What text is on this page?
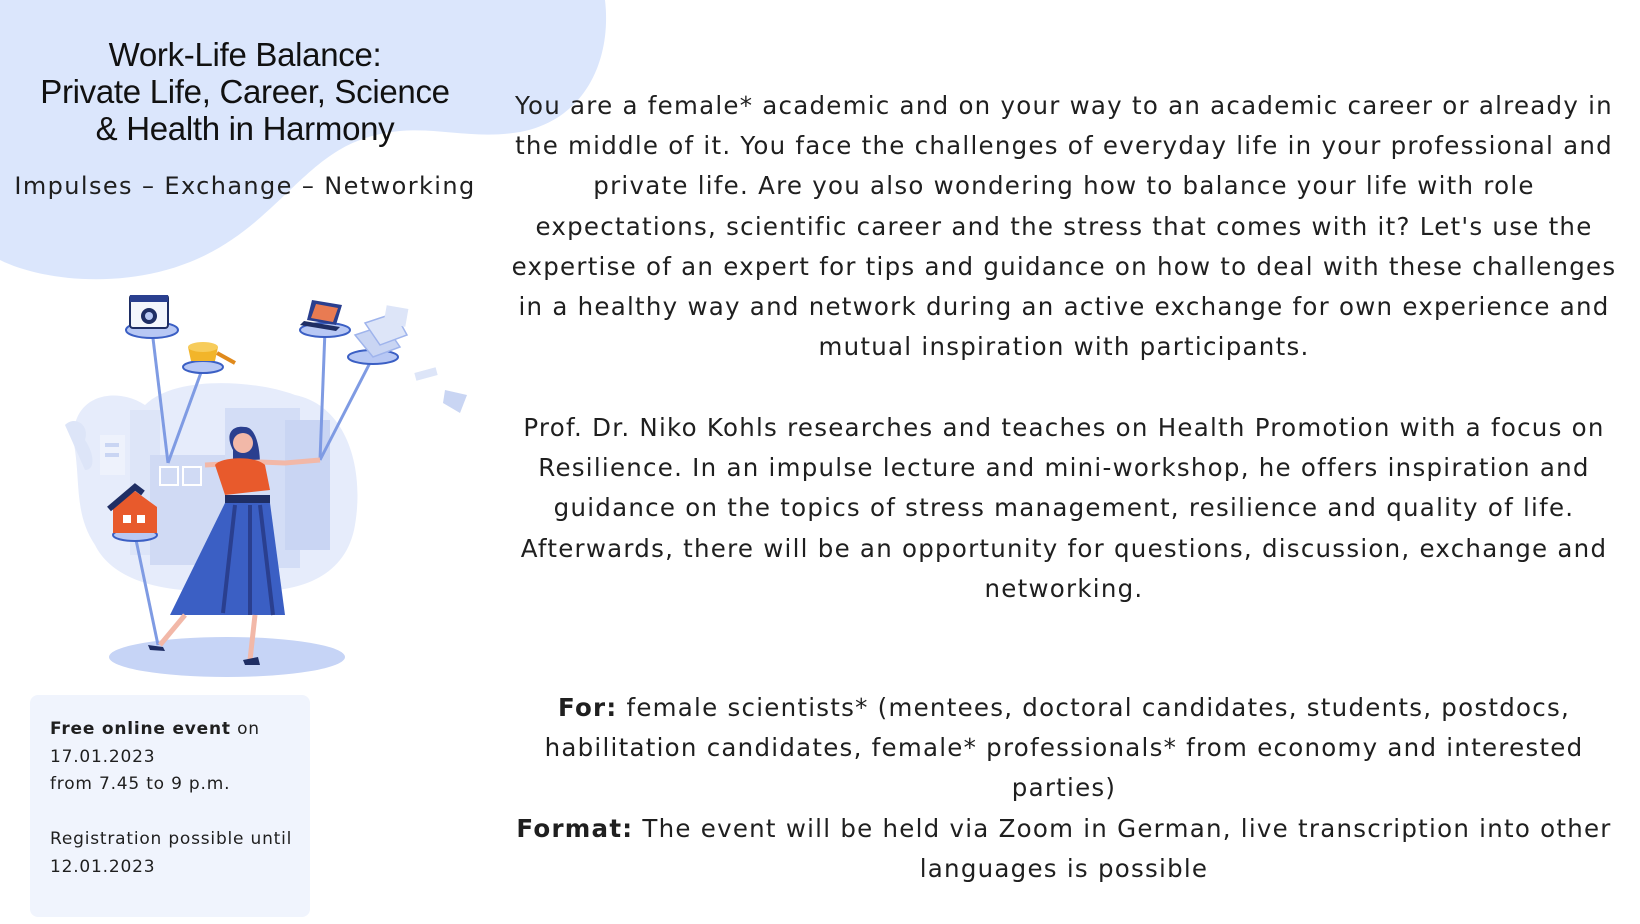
Work-Life Balance:
Private Life, Career, Science
& Health in Harmony
Impulses – Exchange – Networking
Free online event on
17.01.2023
from 7.45 to 9 p.m.
Registration possible until
12.01.2023

You are a female* academic and on your way to an academic career or already in the middle of it. You face the challenges of everyday life in your professional and private life. Are you also wondering how to balance your life with role expectations, scientific career and the stress that comes with it? Let's use the expertise of an expert for tips and guidance on how to deal with these challenges in a healthy way and network during an active exchange for own experience and mutual inspiration with participants.

Prof. Dr. Niko Kohls researches and teaches on Health Promotion with a focus on Resilience. In an impulse lecture and mini-workshop, he offers inspiration and guidance on the topics of stress management, resilience and quality of life. Afterwards, there will be an opportunity for questions, discussion, exchange and networking.

For: female scientists* (mentees, doctoral candidates, students, postdocs, habilitation candidates, female* professionals* from economy and interested parties)

Format: The event will be held via Zoom in German, live transcription into other languages is possible
